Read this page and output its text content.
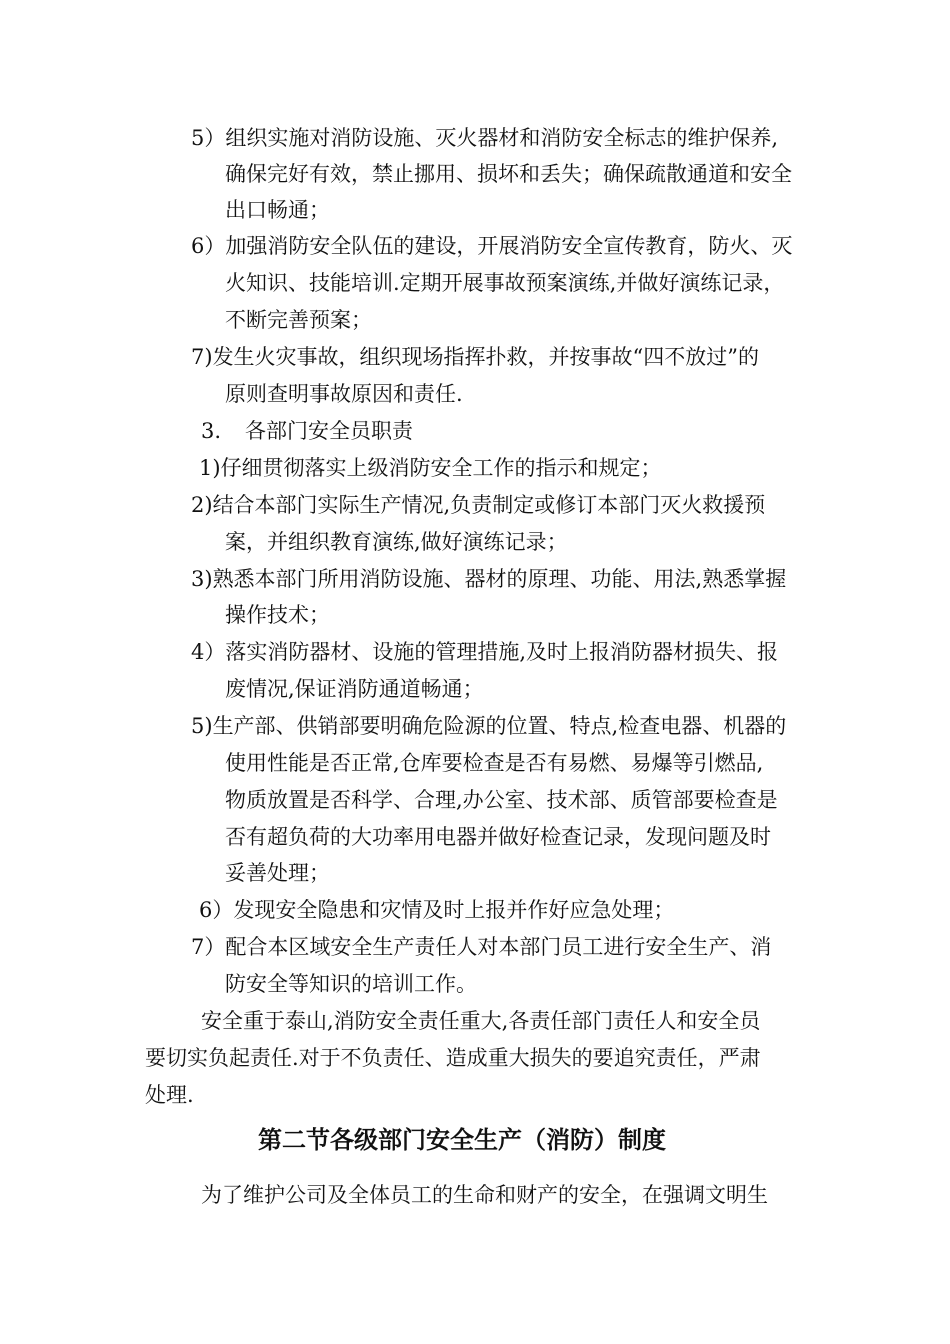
5）组织实施对消防设施、灭火器材和消防安全标志的维护保养,
确保完好有效，禁止挪用、损坏和丢失；确保疏散通道和安全
出口畅通；
6）加强消防安全队伍的建设，开展消防安全宣传教育，防火、灭
火知识、技能培训.定期开展事故预案演练,并做好演练记录，
不断完善预案；
7)发生火灾事故，组织现场指挥扑救，并按事故“四不放过”的
原则查明事故原因和责任.
3. 各部门安全员职责
1)仔细贯彻落实上级消防安全工作的指示和规定；
2)结合本部门实际生产情况,负责制定或修订本部门灭火救援预
案，并组织教育演练,做好演练记录；
3)熟悉本部门所用消防设施、器材的原理、功能、用法,熟悉掌握
操作技术；
4）落实消防器材、设施的管理措施,及时上报消防器材损失、报
废情况,保证消防通道畅通；
5)生产部、供销部要明确危险源的位置、特点,检查电器、机器的
使用性能是否正常,仓库要检查是否有易燃、易爆等引燃品,
物质放置是否科学、合理,办公室、技术部、质管部要检查是
否有超负荷的大功率用电器并做好检查记录，发现问题及时
妥善处理；
6）发现安全隐患和灾情及时上报并作好应急处理；
7）配合本区域安全生产责任人对本部门员工进行安全生产、消
防安全等知识的培训工作。
安全重于泰山,消防安全责任重大,各责任部门责任人和安全员
要切实负起责任.对于不负责任、造成重大损失的要追究责任，严肃
处理.
第二节各级部门安全生产（消防）制度
为了维护公司及全体员工的生命和财产的安全，在强调文明生
